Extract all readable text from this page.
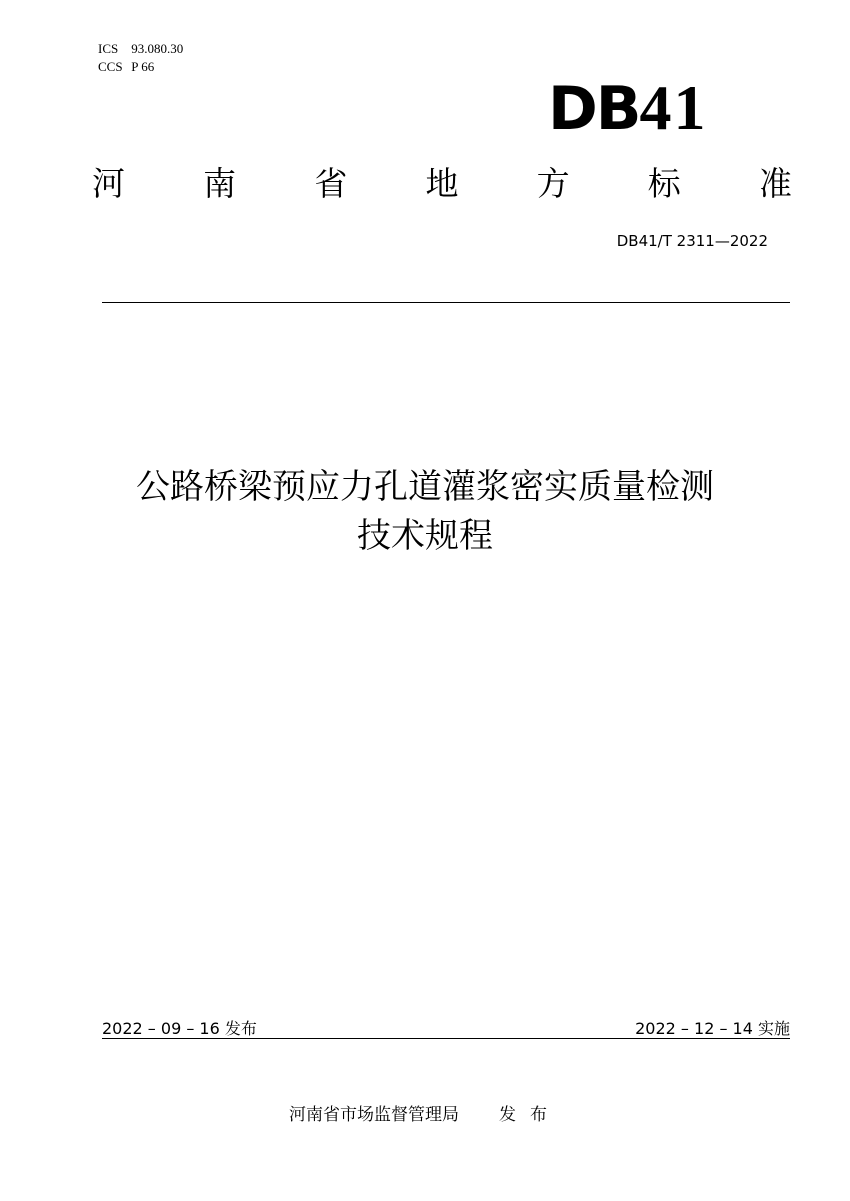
ICS 93.080.30
CCS P 66
DB41
河 南 省 地 方 标 准
DB41/T 2311—2022
公路桥梁预应力孔道灌浆密实质量检测
技术规程
2022 – 09 – 16 发布	2022 – 12 – 14 实施
河南省市场监督管理局 发布
